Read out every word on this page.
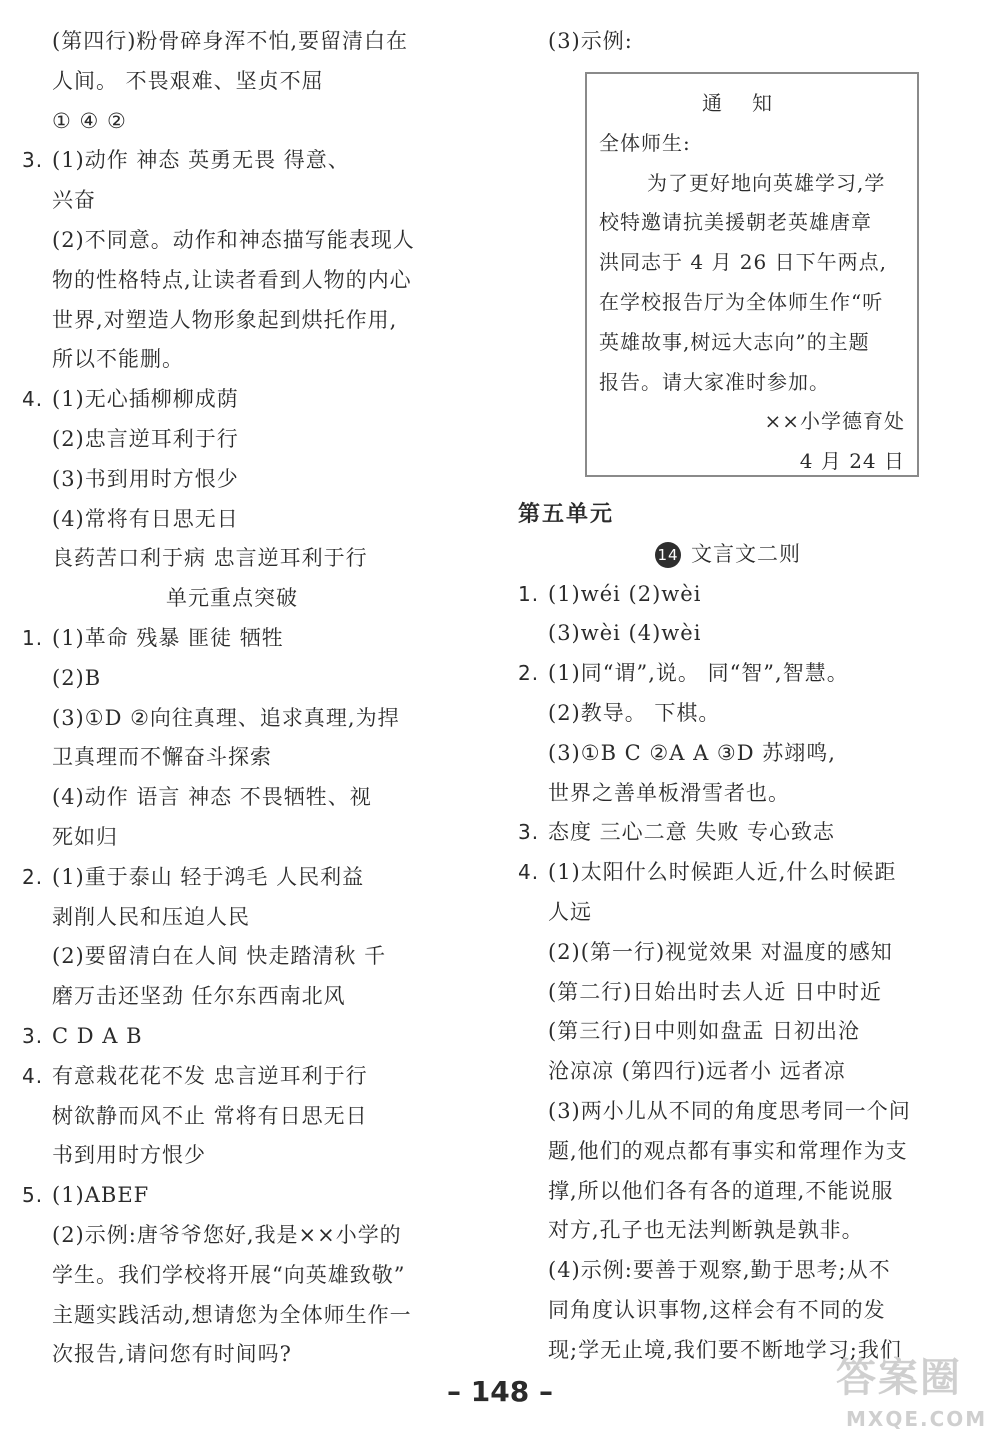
(第四行)粉骨碎身浑不怕,要留清白在
人间。 不畏艰难、坚贞不屈
① ④ ②
3. (1)动作 神态 英勇无畏 得意、
兴奋
(2)不同意。动作和神态描写能表现人
物的性格特点,让读者看到人物的内心
世界,对塑造人物形象起到烘托作用,
所以不能删。
4. (1)无心插柳柳成荫
(2)忠言逆耳利于行
(3)书到用时方恨少
(4)常将有日思无日
良药苦口利于病 忠言逆耳利于行
单元重点突破
1. (1)革命 残暴 匪徒 牺牲
(2)B
(3)①D ②向往真理、追求真理,为捍
卫真理而不懈奋斗探索
(4)动作 语言 神态 不畏牺牲、视
死如归
2. (1)重于泰山 轻于鸿毛 人民利益
剥削人民和压迫人民
(2)要留清白在人间 快走踏清秋 千
磨万击还坚劲 任尔东西南北风
3. C D A B
4. 有意栽花花不发 忠言逆耳利于行
树欲静而风不止 常将有日思无日
书到用时方恨少
5. (1)ABEF
(2)示例:唐爷爷您好,我是××小学的
学生。我们学校将开展“向英雄致敬”
主题实践活动,想请您为全体师生作一
次报告,请问您有时间吗?
(3)示例:
通知
全体师生:
为了更好地向英雄学习,学
校特邀请抗美援朝老英雄唐章
洪同志于 4 月 26 日下午两点,
在学校报告厅为全体师生作“听
英雄故事,树远大志向”的主题
报告。请大家准时参加。
××小学德育处
4 月 24 日
第五单元
14 文言文二则
1. (1)wéi (2)wèi
(3)wèi (4)wèi
2. (1)同“谓”,说。 同“智”,智慧。
(2)教导。 下棋。
(3)①B C ②A A ③D 苏翊鸣,
世界之善单板滑雪者也。
3. 态度 三心二意 失败 专心致志
4. (1)太阳什么时候距人近,什么时候距
人远
(2)(第一行)视觉效果 对温度的感知
(第二行)日始出时去人近 日中时近
(第三行)日中则如盘盂 日初出沧
沧凉凉 (第四行)远者小 远者凉
(3)两小儿从不同的角度思考同一个问
题,他们的观点都有事实和常理作为支
撑,所以他们各有各的道理,不能说服
对方,孔子也无法判断孰是孰非。
(4)示例:要善于观察,勤于思考;从不
同角度认识事物,这样会有不同的发
现;学无止境,我们要不断地学习;我们
– 148 –	答案圈
MXQE.COM
